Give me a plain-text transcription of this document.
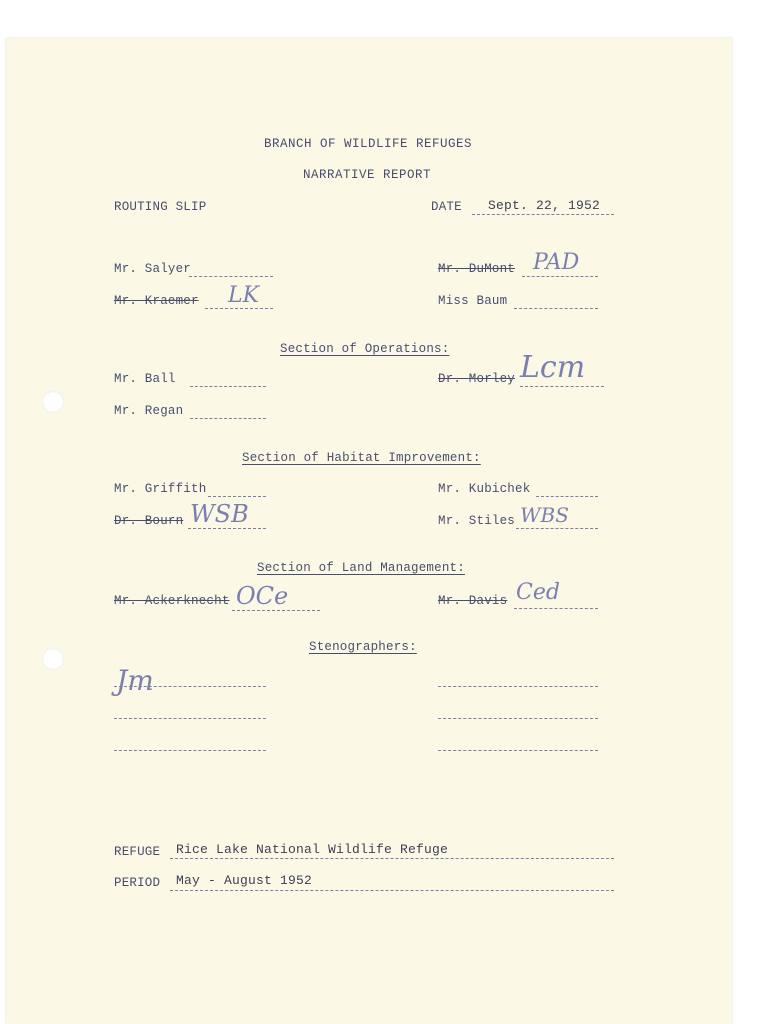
BRANCH OF WILDLIFE REFUGES
NARRATIVE REPORT
ROUTING SLIP	DATE Sept. 22, 1952
Mr. Salyer
Mr. Kraemer LK
Mr. DuMont PAD
Miss Baum
Section of Operations:
Mr. Ball
Mr. Regan
Dr. Morley Lcm
Section of Habitat Improvement:
Mr. Griffith
Dr. Bourn WSB
Mr. Kubichek
Mr. Stiles WBS
Section of Land Management:
Mr. Ackerknecht OCe	Mr. Davis Ced
Stenographers:
Jm
REFUGE Rice Lake National Wildlife Refuge
PERIOD May - August 1952
